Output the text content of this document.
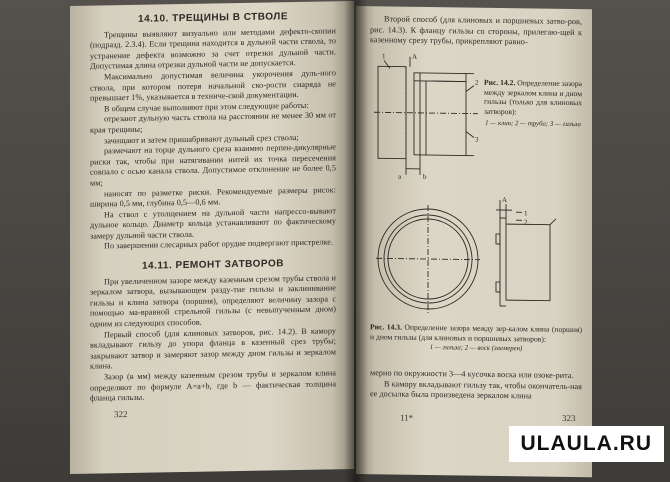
14.10. ТРЕЩИНЫ В СТВОЛЕ

Трещины выявляют визуально или методами дефекто-скопии (подразд. 2.3.4). Если трещина находится в дульной части ствола, то устранение дефекта возможно за счет отрезки дульной части. Допустимая длина отрезки дульной части не допускается.

Максимально допустимая величина укорочения дуль-ного ствола, при котором потеря начальной ско-рости снаряда не превышает 1%, указывается в техниче-ской документации.

В общем случае выполняют при этом следующие работы:

отрезают дульную часть ствола на расстоянии не менее 30 мм от края трещины;

зачищают и затем пришабривают дульный срез ствола;

размечают на торце дульного среза взаимно перпен-дикулярные риски так, чтобы при натягивании нитей их точка пересечения совпало с осью канала ствола. Допустимое отклонение не более 0,5 мм;

наносят по разметке риски. Рекомендуемые размеры рисок: ширина 0,5 мм, глубина 0,5—0,6 мм.

На ствол с утолщением на дульной части напрессо-вывают дульное кольцо. Диаметр кольца устанавливают по фактическому замеру дульной части ствола.

По завершении слесарных работ орудие подвергают пристрелке.

14.11. РЕМОНТ ЗАТВОРОВ

При увеличенном зазоре между казенным срезом трубы ствола и зеркалом затвора, вызывающем разду-тие гильзы и заклинивание гильзы и клина затвора (поршня), определяют величину зазора с помощью ма-вравной стрельной гильзы (с невыпученным дном) одним из следующих способов.

Первый способ (для клиновых затворов, рис. 14.2). В камору вкладывают гильзу до упора фланца в казенный срез трубы; закрывают затвор и замеряют зазор между дном гильзы и зеркалом клина.

Зазор (в мм) между казенным срезом трубы и зеркалом клина определяют по формуле A=a+b, где b — фактическая толщина фланца гильзы.

322

Второй способ (для клиновых и поршневых затво-ров, рис. 14.3). К фланцу гильзы со стороны, прилегаю-щей к казенному срезу трубы, прикрепляют равно-

1	A
2
3
a	b
Рис. 14.2. Определение зазора между зеркалом клина и дном гильзы (только для клиновых затворов):
1 — клин; 2 — труба; 3 — гильза
A
1
2
Рис. 14.3. Определение зазора между зер-калом клина (поршня) и дном гильзы (для клиновых и поршневых затворов):
1 — гильза; 2 — воск (заемерен)

мерно по окружности 3—4 кусочка воска или озоке-рита.

В камору вкладывают гильзу так, чтобы окончатель-ная ее досылка была произведена зеркалом клина

11*	323
ULAULA.RU
